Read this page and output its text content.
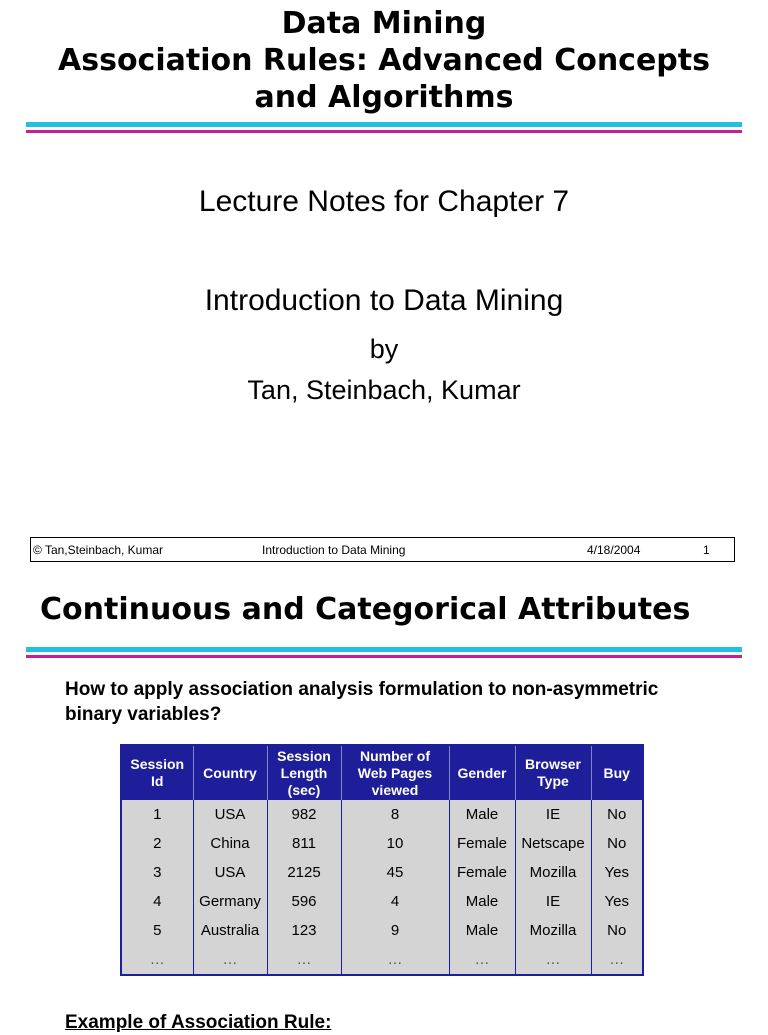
Data Mining
Association Rules: Advanced Concepts
and Algorithms
Lecture Notes for Chapter 7
Introduction to Data Mining
by
Tan, Steinbach, Kumar
© Tan,Steinbach, Kumar	Introduction to Data Mining	4/18/2004	1
Continuous and Categorical Attributes
How to apply association analysis formulation to non-asymmetric binary variables?
Session Id	Country	Session Length (sec)	Number of Web Pages viewed	Gender	Browser Type	Buy
1	USA	982	8	Male	IE	No
2	China	811	10	Female	Netscape	No
3	USA	2125	45	Female	Mozilla	Yes
4	Germany	596	4	Male	IE	Yes
5	Australia	123	9	Male	Mozilla	No
…	…	…	…	…	…	…
Example of Association Rule:
